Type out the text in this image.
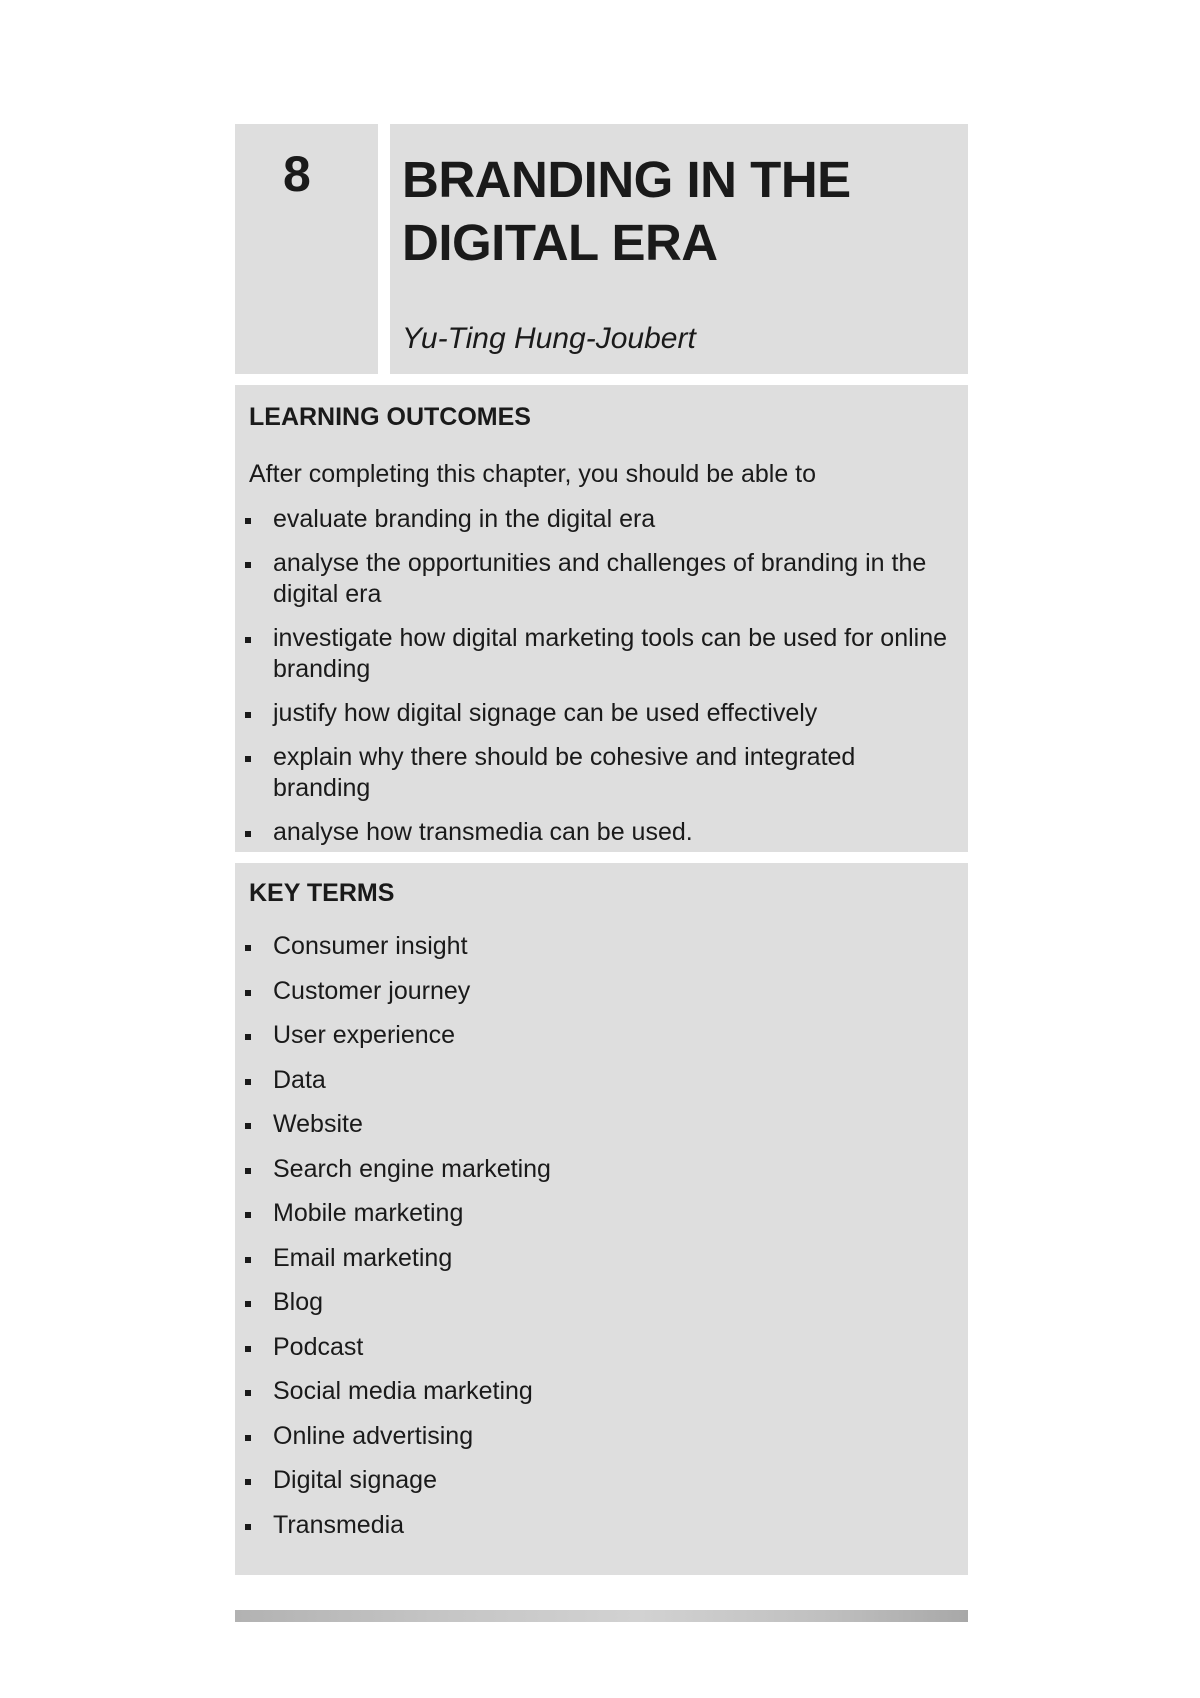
8 BRANDING IN THE DIGITAL ERA
Yu-Ting Hung-Joubert
LEARNING OUTCOMES
After completing this chapter, you should be able to
evaluate branding in the digital era
analyse the opportunities and challenges of branding in the digital era
investigate how digital marketing tools can be used for online branding
justify how digital signage can be used effectively
explain why there should be cohesive and integrated branding
analyse how transmedia can be used.
KEY TERMS
Consumer insight
Customer journey
User experience
Data
Website
Search engine marketing
Mobile marketing
Email marketing
Blog
Podcast
Social media marketing
Online advertising
Digital signage
Transmedia
